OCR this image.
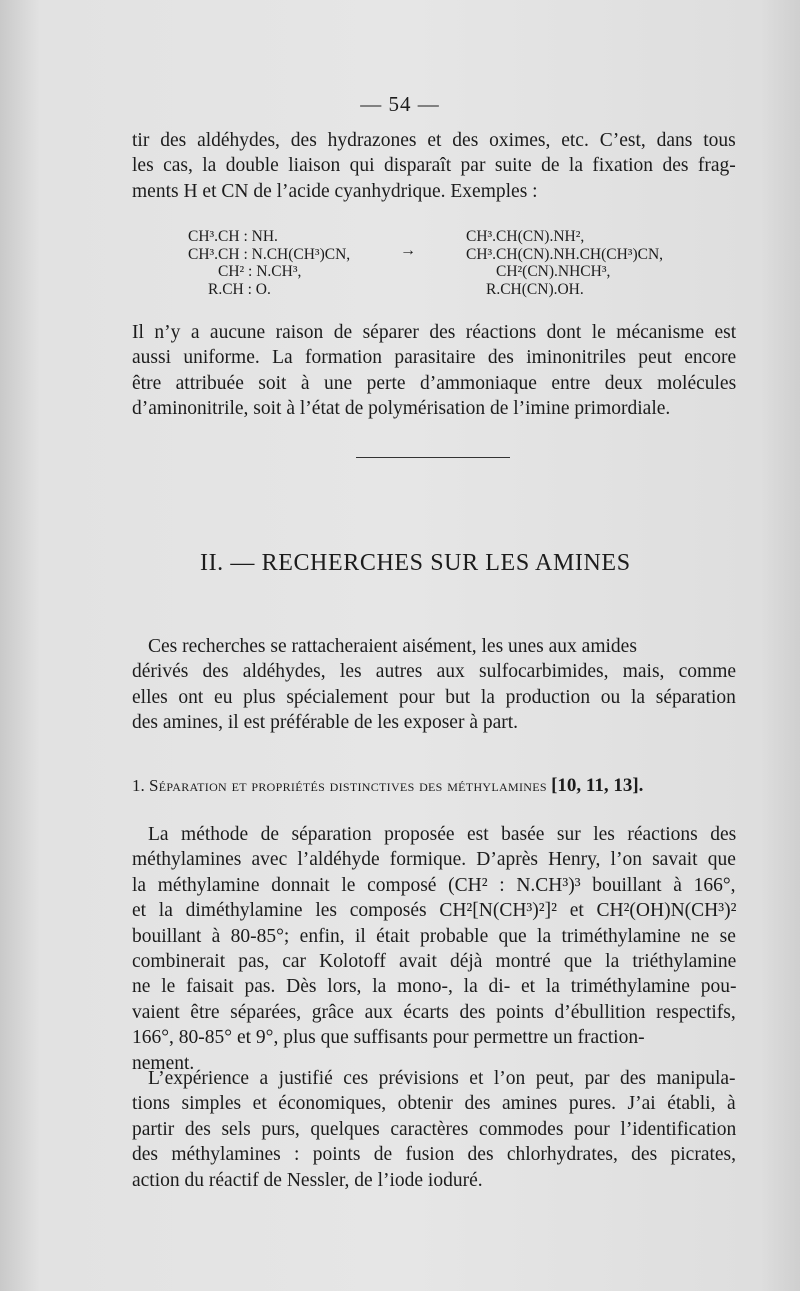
— 54 —

tir des aldéhydes, des hydrazones et des oximes, etc. C’est, dans tous
les cas, la double liaison qui disparaît par suite de la fixation des frag-
ments H et CN de l’acide cyanhydrique. Exemples :

CH³.CH : NH.
CH³.CH : N.CH(CH³)CN,
CH² : N.CH³,
R.CH : O.
→
CH³.CH(CN).NH²,
CH³.CH(CN).NH.CH(CH³)CN,
CH²(CN).NHCH³,
R.CH(CN).OH.

Il n’y a aucune raison de séparer des réactions dont le mécanisme est
aussi uniforme. La formation parasitaire des iminonitriles peut encore
être attribuée soit à une perte d’ammoniaque entre deux molécules
d’aminonitrile, soit à l’état de polymérisation de l’imine primordiale.

II. — RECHERCHES SUR LES AMINES

Ces recherches se rattacheraient aisément, les unes aux amides
dérivés des aldéhydes, les autres aux sulfocarbimides, mais, comme
elles ont eu plus spécialement pour but la production ou la séparation
des amines, il est préférable de les exposer à part.

1. Séparation et propriétés distinctives des méthylamines [10, 11, 13].

La méthode de séparation proposée est basée sur les réactions des
méthylamines avec l’aldéhyde formique. D’après Henry, l’on savait que
la méthylamine donnait le composé (CH² : N.CH³)³ bouillant à 166°,
et la diméthylamine les composés CH²[N(CH³)²]² et CH²(OH)N(CH³)²
bouillant à 80-85°; enfin, il était probable que la triméthylamine ne se
combinerait pas, car Kolotoff avait déjà montré que la triéthylamine
ne le faisait pas. Dès lors, la mono-, la di- et la triméthylamine pou-
vaient être séparées, grâce aux écarts des points d’ébullition respectifs,
166°, 80-85° et 9°, plus que suffisants pour permettre un fraction-
nement.

L’expérience a justifié ces prévisions et l’on peut, par des manipula-
tions simples et économiques, obtenir des amines pures. J’ai établi, à
partir des sels purs, quelques caractères commodes pour l’identification
des méthylamines : points de fusion des chlorhydrates, des picrates,
action du réactif de Nessler, de l’iode ioduré.
